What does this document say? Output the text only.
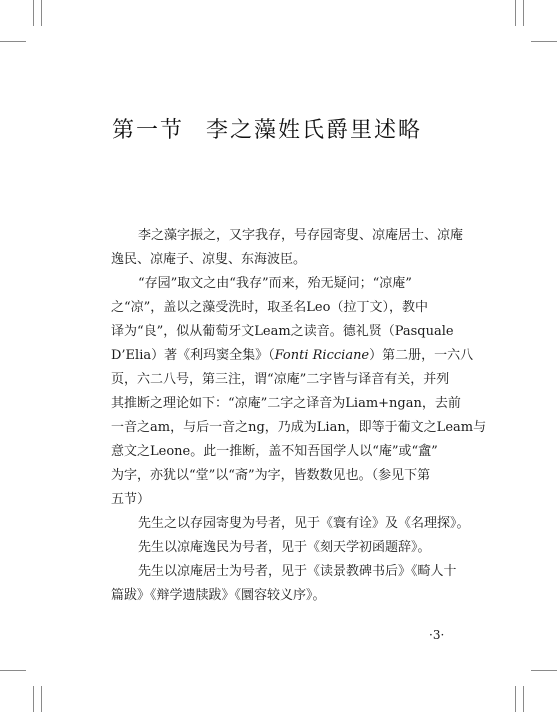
第一节 李之藻姓氏爵里述略
李之藻字振之，又字我存，号存园寄叟、凉庵居士、凉庵
逸民、凉庵子、凉叟、东海波臣。
“存园”取文之由“我存”而来，殆无疑问；“凉庵”
之“凉”，盖以之藻受洗时，取圣名Leo（拉丁文），教中
译为“良”，似从葡萄牙文Leam之读音。德礼贤（Pasquale
D’Elia）著《利玛窦全集》（Fonti Ricciane）第二册，一六八
页，六二八号，第三注，谓“凉庵”二字皆与译音有关，并列
其推断之理论如下：“凉庵”二字之译音为Liam+ngan，去前
一音之am，与后一音之ng，乃成为Lian，即等于葡文之Leam与
意文之Leone。此一推断，盖不知吾国学人以“庵”或“盦”
为字，亦犹以“堂”以“斋”为字，皆数数见也。（参见下第
五节）
先生之以存园寄叟为号者，见于《寰有诠》及《名理探》。
先生以凉庵逸民为号者，见于《刻天学初函题辞》。
先生以凉庵居士为号者，见于《读景教碑书后》《畸人十
篇跋》《辩学遗牍跋》《圜容较义序》。
·3·
